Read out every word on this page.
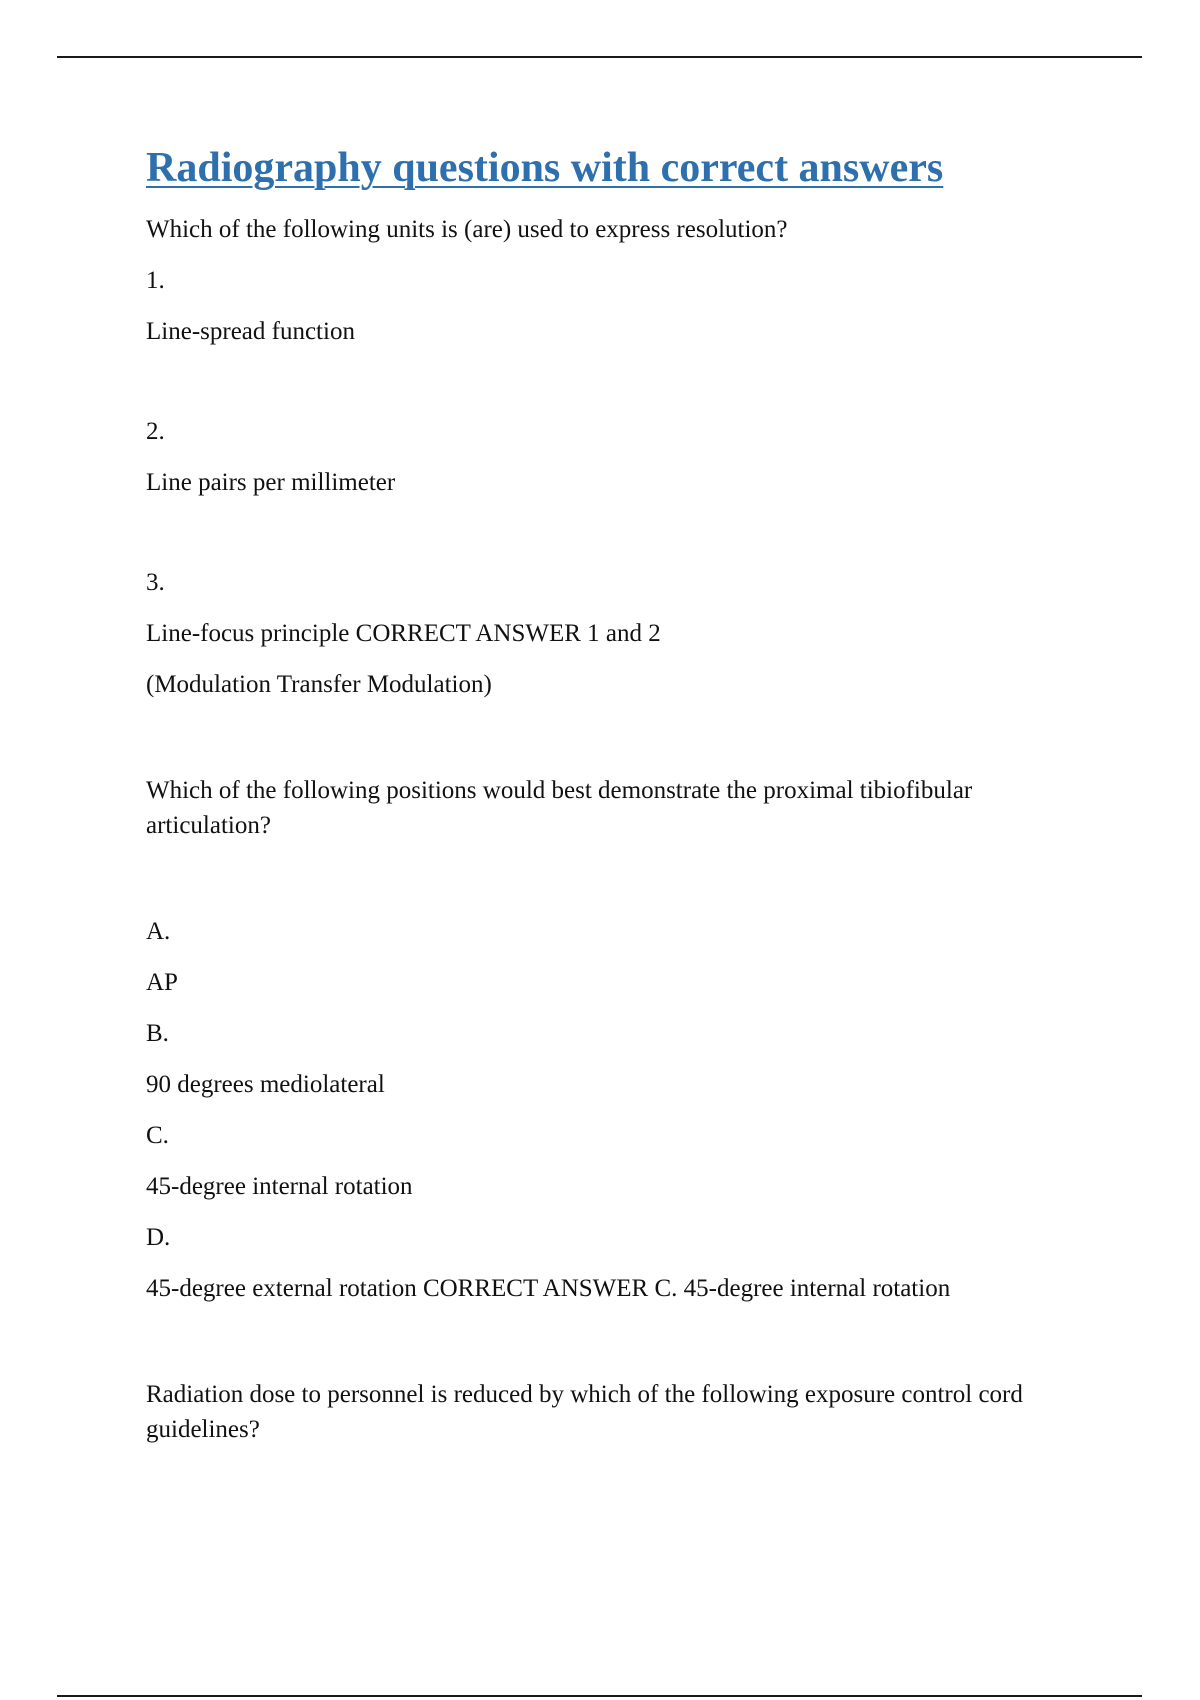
Radiography questions with correct answers

Which of the following units is (are) used to express resolution?

1.

Line-spread function

2.

Line pairs per millimeter

3.

Line-focus principle CORRECT ANSWER 1 and 2

(Modulation Transfer Modulation)

Which of the following positions would best demonstrate the proximal tibiofibular articulation?

A.

AP

B.

90 degrees mediolateral

C.

45-degree internal rotation

D.

45-degree external rotation CORRECT ANSWER C. 45-degree internal rotation

Radiation dose to personnel is reduced by which of the following exposure control cord guidelines?
